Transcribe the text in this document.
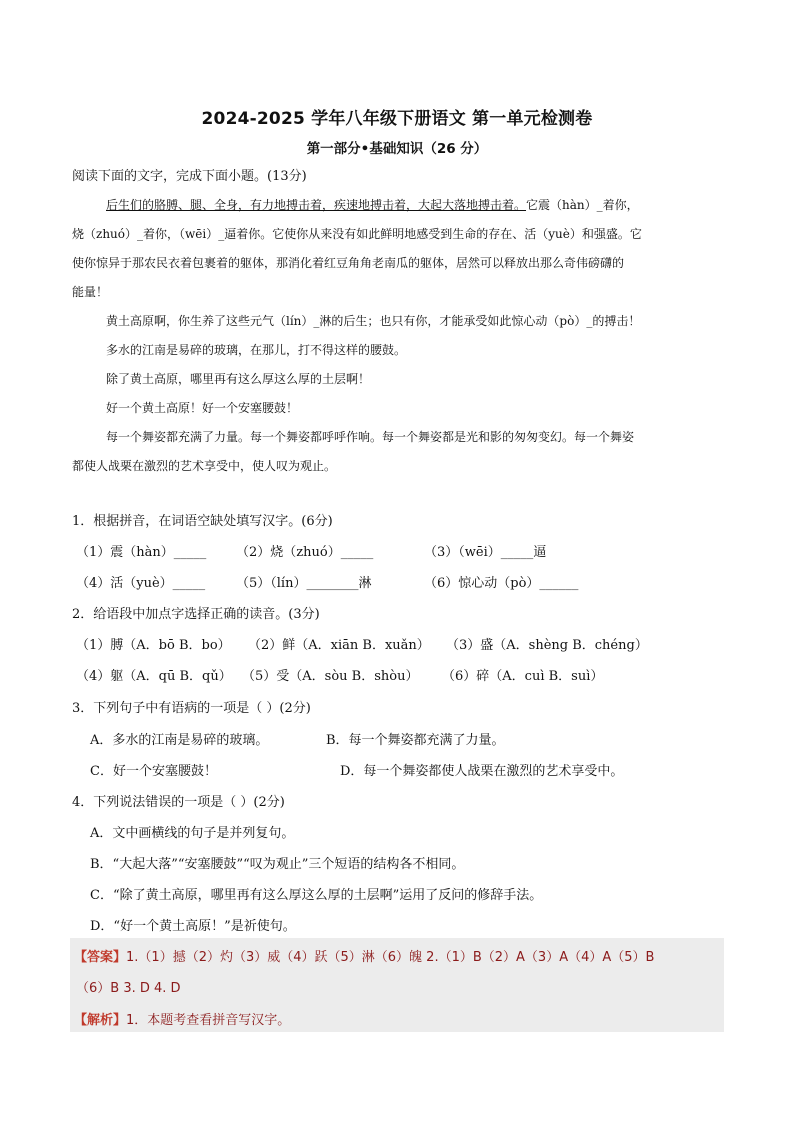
2024-2025 学年八年级下册语文 第一单元检测卷
第一部分•基础知识（26 分）
阅读下面的文字，完成下面小题。(13分)

后生们的胳膊、腿、全身，有力地搏击着，疾速地搏击着，大起大落地搏击着。它震（hàn）_着你，

烧（zhuó）_着你，（wēi）_逼着你。它使你从来没有如此鲜明地感受到生命的存在、活（yuè）和强盛。它

使你惊异于那农民衣着包裹着的躯体，那消化着红豆角角老南瓜的躯体，居然可以释放出那么奇伟磅礴的

能量！

黄土高原啊，你生养了这些元气（lín）_淋的后生；也只有你，才能承受如此惊心动（pò）_的搏击！

多水的江南是易碎的玻璃，在那儿，打不得这样的腰鼓。

除了黄土高原，哪里再有这么厚这么厚的土层啊！

好一个黄土高原！好一个安塞腰鼓！

每一个舞姿都充满了力量。每一个舞姿都呼呼作响。每一个舞姿都是光和影的匆匆变幻。每一个舞姿

都使人战栗在激烈的艺术享受中，使人叹为观止。

1．根据拼音，在词语空缺处填写汉字。(6分)
（1）震（hàn）_____ （2）烧（zhuó）_____	（3）（wēi）_____逼
（4）活（yuè）_____ （5）（lín）________淋	（6）惊心动（pò）______
2．给语段中加点字选择正确的读音。(3分)
（1）膊（A．bō B．bo） （2）鲜（A．xiān B．xuǎn） （3）盛（A．shèng B．chéng）
（4）躯（A．qū B．qǔ） （5）受（A．sòu B．shòu） （6）碎（A．cuì B．suì）
3．下列句子中有语病的一项是（ ）(2分)
A．多水的江南是易碎的玻璃。	B．每一个舞姿都充满了力量。
C．好一个安塞腰鼓！	D．每一个舞姿都使人战栗在激烈的艺术享受中。
4．下列说法错误的一项是（ ）(2分)
A．文中画横线的句子是并列复句。
B．“大起大落”“安塞腰鼓”“叹为观止”三个短语的结构各不相同。
C．“除了黄土高原，哪里再有这么厚这么厚的土层啊”运用了反问的修辞手法。
D．“好一个黄土高原！”是祈使句。
【答案】1.（1）撼（2）灼（3）威（4）跃（5）淋（6）魄 2.（1）B（2）A（3）A（4）A（5）B
（6）B 3. D 4. D
【解析】1．本题考查看拼音写汉字。
